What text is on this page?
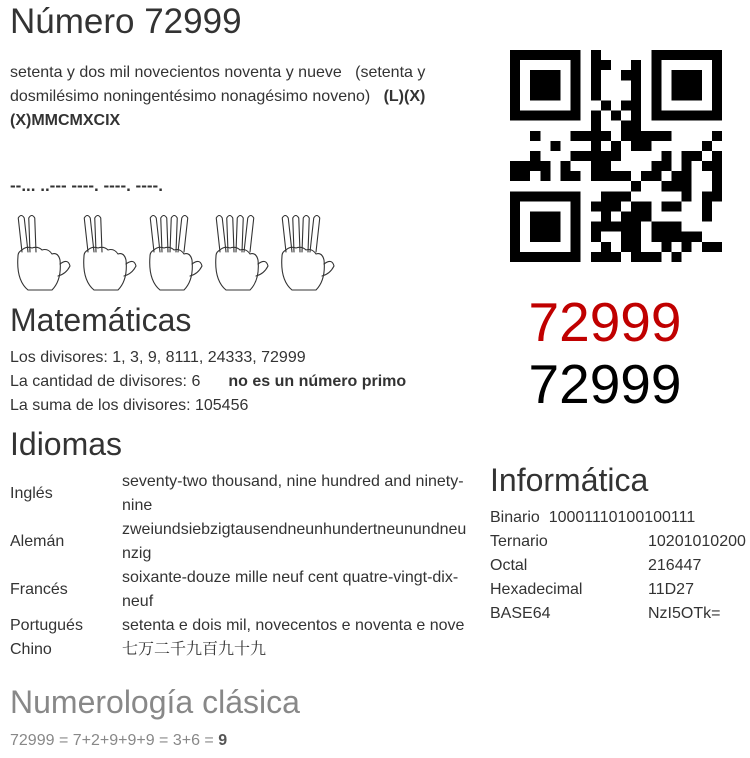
Número 72999
setenta y dos mil novecientos noventa y nueve (setenta y dosmilésimo noningentésimo nonagésimo noveno) (L)(X)(X)MMCMXCIX
--... ..--- ----. ----. ----.
72999
72999
Matemáticas
Los divisores: 1, 3, 9, 8111, 24333, 72999
La cantidad de divisores: 6 no es un número primo
La suma de los divisores: 105456
Idiomas
Inglés	seventy-two thousand, nine hundred and ninety-nine
Alemán	zweiundsiebzigtausendneunhundertneunundneunzig
Francés	soixante-douze mille neuf cent quatre-vingt-dix-neuf
Portugués	setenta e dois mil, novecentos e noventa e nove
Chino	七万二千九百九十九
Informática
Binario 10001110100100111
Ternario	10201010200
Octal	216447
Hexadecimal	11D27
BASE64	NzI5OTk=
Numerología clásica
72999 = 7+2+9+9+9 = 3+6 = 9
